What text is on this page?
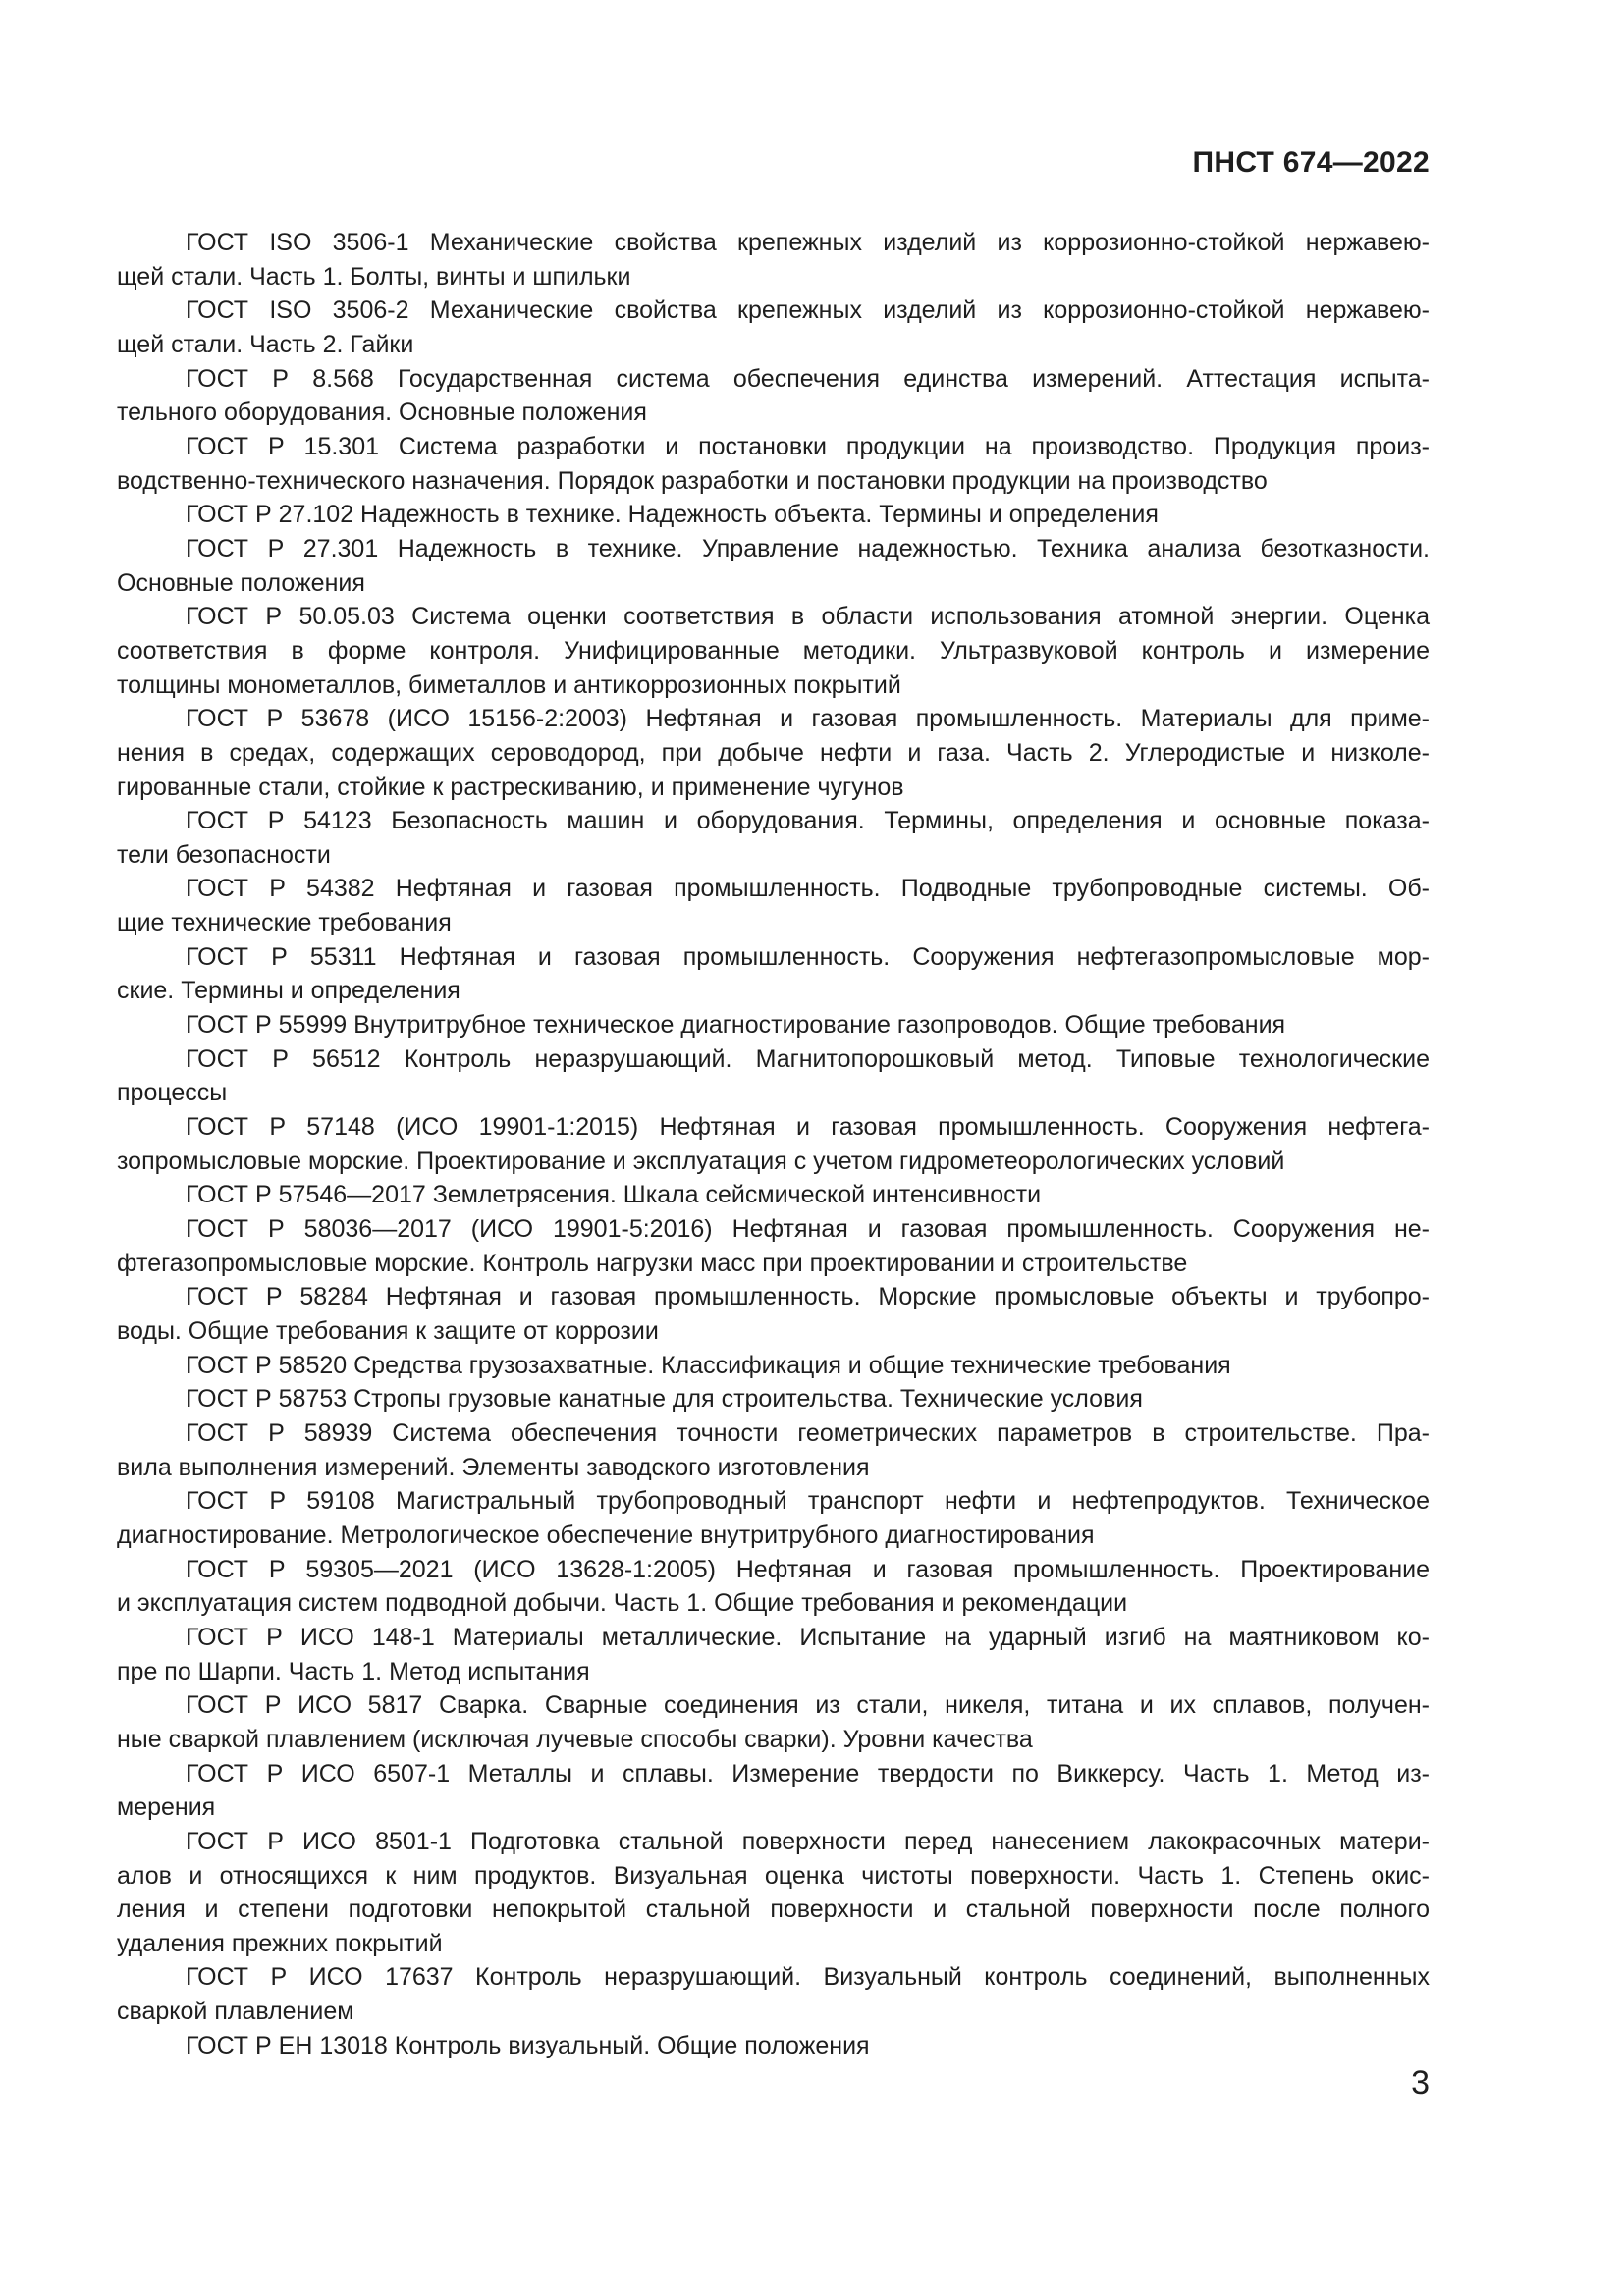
ПНСТ 674—2022
ГОСТ ISO 3506-1 Механические свойства крепежных изделий из коррозионно-стойкой нержавею-
щей стали. Часть 1. Болты, винты и шпильки
ГОСТ ISO 3506-2 Механические свойства крепежных изделий из коррозионно-стойкой нержавею-
щей стали. Часть 2. Гайки
ГОСТ Р 8.568 Государственная система обеспечения единства измерений. Аттестация испыта-
тельного оборудования. Основные положения
ГОСТ Р 15.301 Система разработки и постановки продукции на производство. Продукция произ-
водственно-технического назначения. Порядок разработки и постановки продукции на производство
ГОСТ Р 27.102 Надежность в технике. Надежность объекта. Термины и определения
ГОСТ Р 27.301 Надежность в технике. Управление надежностью. Техника анализа безотказности.
Основные положения
ГОСТ Р 50.05.03 Система оценки соответствия в области использования атомной энергии. Оценка
соответствия в форме контроля. Унифицированные методики. Ультразвуковой контроль и измерение
толщины монометаллов, биметаллов и антикоррозионных покрытий
ГОСТ Р 53678 (ИСО 15156-2:2003) Нефтяная и газовая промышленность. Материалы для приме-
нения в средах, содержащих сероводород, при добыче нефти и газа. Часть 2. Углеродистые и низколе-
гированные стали, стойкие к растрескиванию, и применение чугунов
ГОСТ Р 54123 Безопасность машин и оборудования. Термины, определения и основные показа-
тели безопасности
ГОСТ Р 54382 Нефтяная и газовая промышленность. Подводные трубопроводные системы. Об-
щие технические требования
ГОСТ Р 55311 Нефтяная и газовая промышленность. Сооружения нефтегазопромысловые мор-
ские. Термины и определения
ГОСТ Р 55999 Внутритрубное техническое диагностирование газопроводов. Общие требования
ГОСТ Р 56512 Контроль неразрушающий. Магнитопорошковый метод. Типовые технологические
процессы
ГОСТ Р 57148 (ИСО 19901-1:2015) Нефтяная и газовая промышленность. Сооружения нефтега-
зопромысловые морские. Проектирование и эксплуатация с учетом гидрометеорологических условий
ГОСТ Р 57546—2017 Землетрясения. Шкала сейсмической интенсивности
ГОСТ Р 58036—2017 (ИСО 19901-5:2016) Нефтяная и газовая промышленность. Сооружения не-
фтегазопромысловые морские. Контроль нагрузки масс при проектировании и строительстве
ГОСТ Р 58284 Нефтяная и газовая промышленность. Морские промысловые объекты и трубопро-
воды. Общие требования к защите от коррозии
ГОСТ Р 58520 Средства грузозахватные. Классификация и общие технические требования
ГОСТ Р 58753 Стропы грузовые канатные для строительства. Технические условия
ГОСТ Р 58939 Система обеспечения точности геометрических параметров в строительстве. Пра-
вила выполнения измерений. Элементы заводского изготовления
ГОСТ Р 59108 Магистральный трубопроводный транспорт нефти и нефтепродуктов. Техническое
диагностирование. Метрологическое обеспечение внутритрубного диагностирования
ГОСТ Р 59305—2021 (ИСО 13628-1:2005) Нефтяная и газовая промышленность. Проектирование
и эксплуатация систем подводной добычи. Часть 1. Общие требования и рекомендации
ГОСТ Р ИСО 148-1 Материалы металлические. Испытание на ударный изгиб на маятниковом ко-
пре по Шарпи. Часть 1. Метод испытания
ГОСТ Р ИСО 5817 Сварка. Сварные соединения из стали, никеля, титана и их сплавов, получен-
ные сваркой плавлением (исключая лучевые способы сварки). Уровни качества
ГОСТ Р ИСО 6507-1 Металлы и сплавы. Измерение твердости по Виккерсу. Часть 1. Метод из-
мерения
ГОСТ Р ИСО 8501-1 Подготовка стальной поверхности перед нанесением лакокрасочных матери-
алов и относящихся к ним продуктов. Визуальная оценка чистоты поверхности. Часть 1. Степень окис-
ления и степени подготовки непокрытой стальной поверхности и стальной поверхности после полного
удаления прежних покрытий
ГОСТ Р ИСО 17637 Контроль неразрушающий. Визуальный контроль соединений, выполненных
сваркой плавлением
ГОСТ Р ЕН 13018 Контроль визуальный. Общие положения
3
